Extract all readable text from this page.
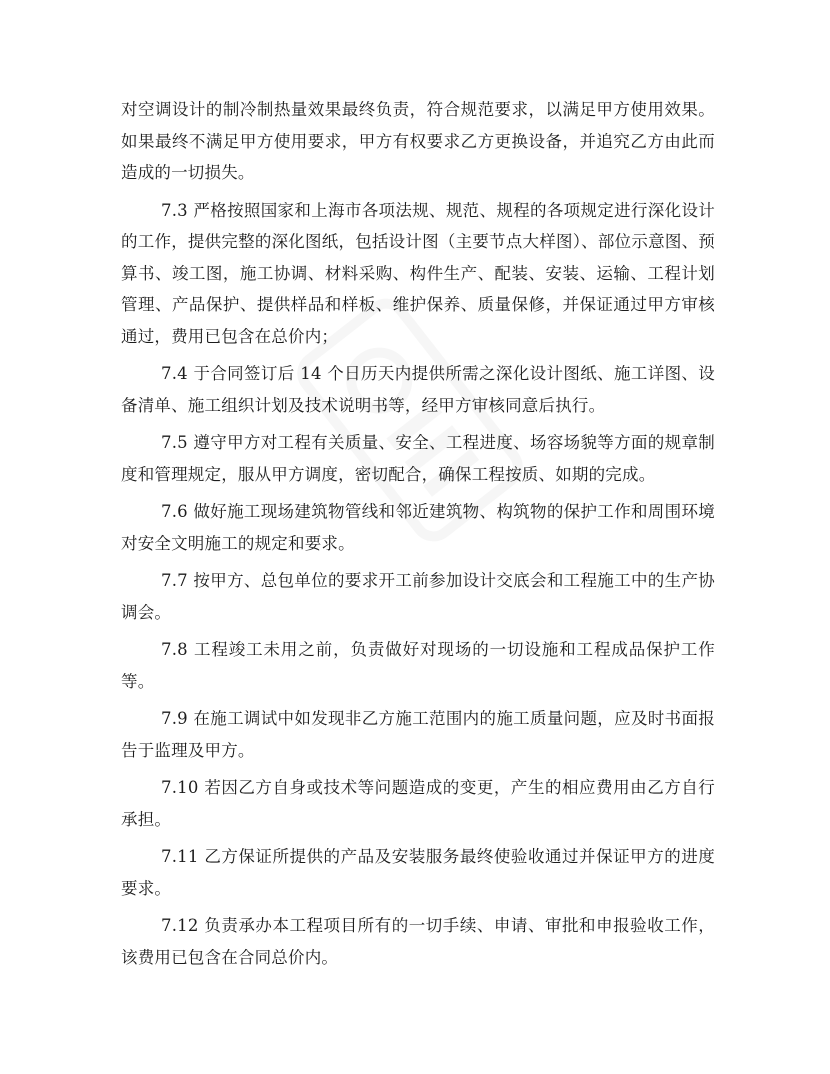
对空调设计的制冷制热量效果最终负责，符合规范要求，以满足甲方使用效果。如果最终不满足甲方使用要求，甲方有权要求乙方更换设备，并追究乙方由此而造成的一切损失。

7.3 严格按照国家和上海市各项法规、规范、规程的各项规定进行深化设计的工作，提供完整的深化图纸，包括设计图（主要节点大样图）、部位示意图、预算书、竣工图，施工协调、材料采购、构件生产、配装、安装、运输、工程计划管理、产品保护、提供样品和样板、维护保养、质量保修，并保证通过甲方审核通过，费用已包含在总价内；

7.4 于合同签订后 14 个日历天内提供所需之深化设计图纸、施工详图、设备清单、施工组织计划及技术说明书等，经甲方审核同意后执行。

7.5 遵守甲方对工程有关质量、安全、工程进度、场容场貌等方面的规章制度和管理规定，服从甲方调度，密切配合，确保工程按质、如期的完成。

7.6 做好施工现场建筑物管线和邻近建筑物、构筑物的保护工作和周围环境对安全文明施工的规定和要求。

7.7 按甲方、总包单位的要求开工前参加设计交底会和工程施工中的生产协调会。

7.8 工程竣工未用之前，负责做好对现场的一切设施和工程成品保护工作等。

7.9 在施工调试中如发现非乙方施工范围内的施工质量问题，应及时书面报告于监理及甲方。

7.10 若因乙方自身或技术等问题造成的变更，产生的相应费用由乙方自行承担。

7.11 乙方保证所提供的产品及安装服务最终使验收通过并保证甲方的进度要求。

7.12 负责承办本工程项目所有的一切手续、申请、审批和申报验收工作，该费用已包含在合同总价内。
